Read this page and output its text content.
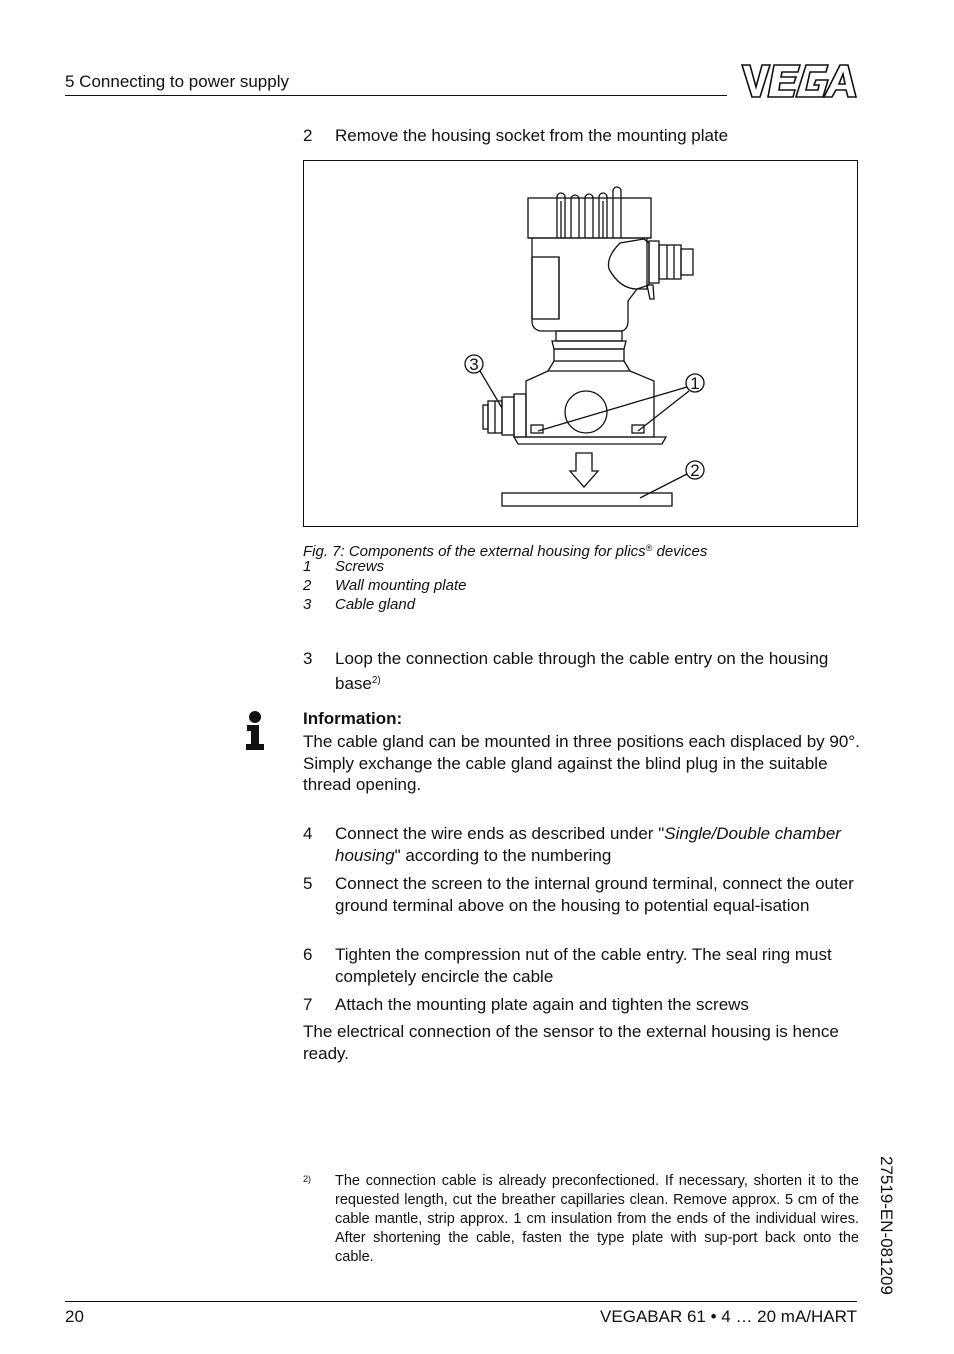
5 Connecting to power supply
2 Remove the housing socket from the mounting plate
3
1
2
Fig. 7: Components of the external housing for plics® devices
1 Screws
2 Wall mounting plate
3 Cable gland
3 Loop the connection cable through the cable entry on the housing base$^{2)}$
Information:
The cable gland can be mounted in three positions each displaced by 90°. Simply exchange the cable gland against the blind plug in the suitable thread opening.
4 Connect the wire ends as described under "Single/Double chamber housing" according to the numbering
5 Connect the screen to the internal ground terminal, connect the outer ground terminal above on the housing to potential equal-isation
6 Tighten the compression nut of the cable entry. The seal ring must completely encircle the cable
7 Attach the mounting plate again and tighten the screws
The electrical connection of the sensor to the external housing is hence ready.
2) The connection cable is already preconfectioned. If necessary, shorten it to the requested length, cut the breather capillaries clean. Remove approx. 5 cm of the cable mantle, strip approx. 1 cm insulation from the ends of the individual wires. After shortening the cable, fasten the type plate with sup-port back onto the cable.	27519-EN-081209
20	VEGABAR 61 • 4 … 20 mA/HART
